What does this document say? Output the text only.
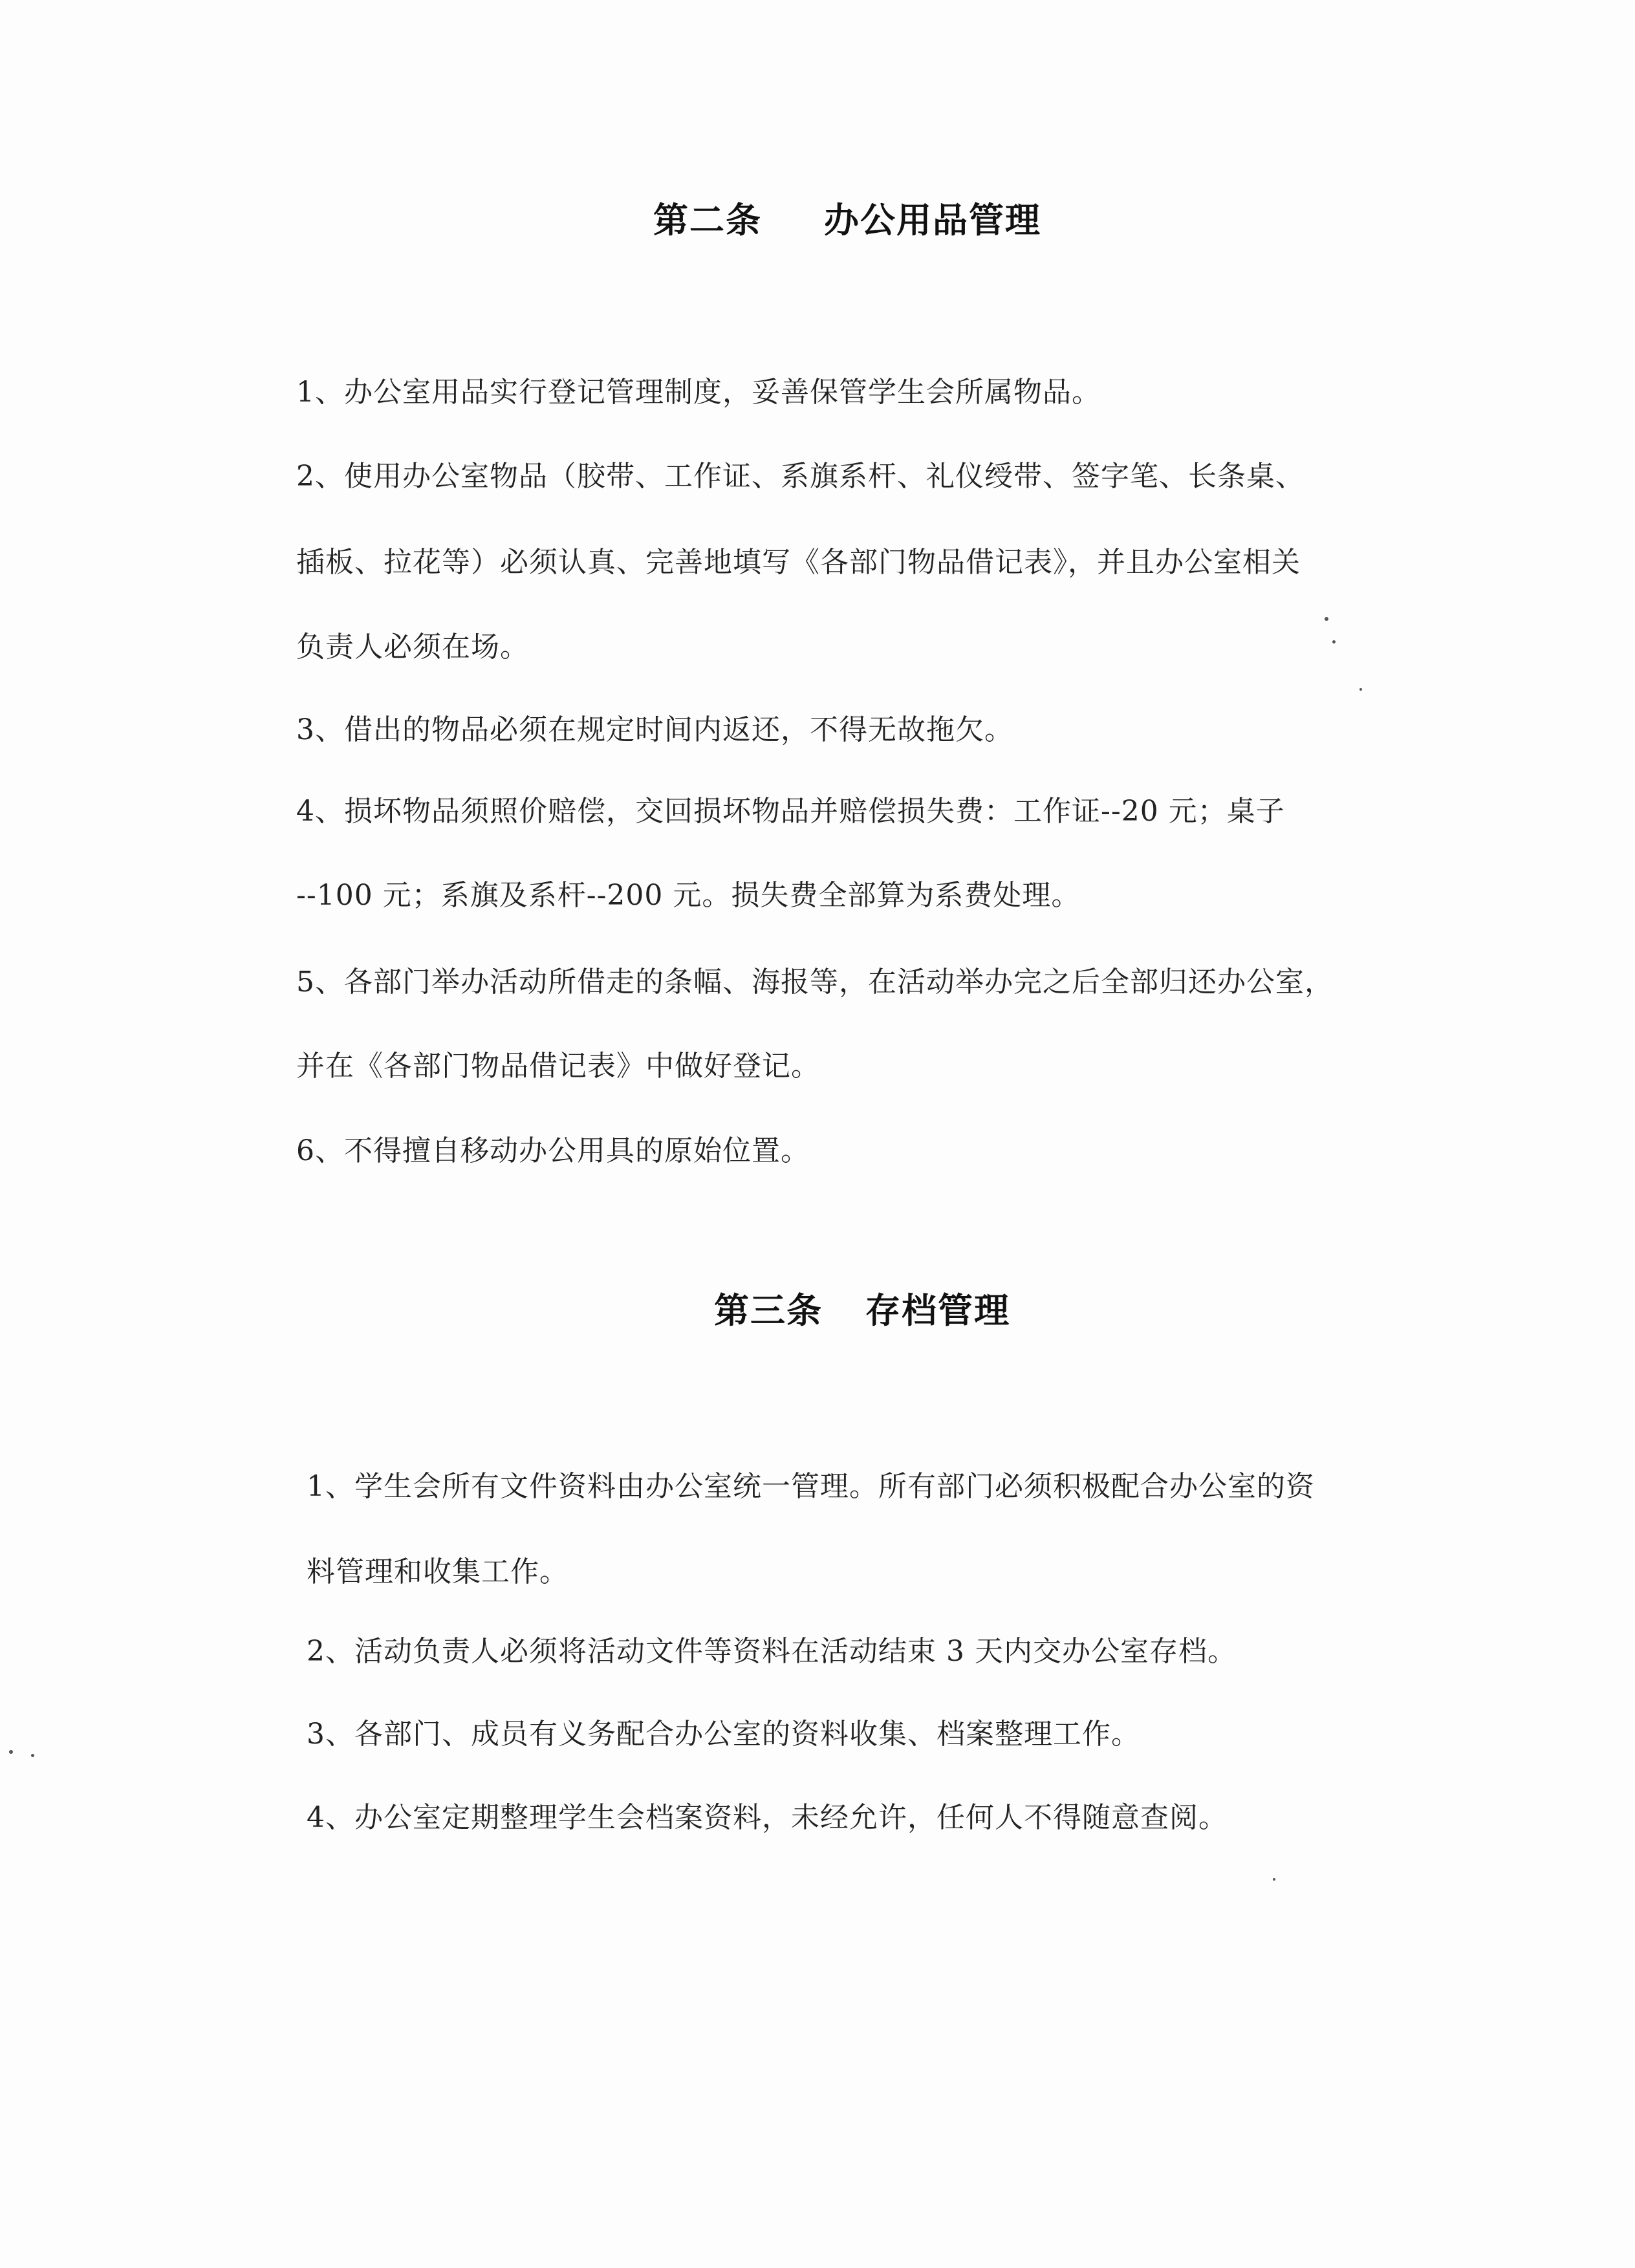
第二条 办公用品管理
1、办公室用品实行登记管理制度，妥善保管学生会所属物品。
2、使用办公室物品（胶带、工作证、系旗系杆、礼仪绶带、签字笔、长条桌、
插板、拉花等）必须认真、完善地填写《各部门物品借记表》，并且办公室相关
负责人必须在场。
3、借出的物品必须在规定时间内返还，不得无故拖欠。
4、损坏物品须照价赔偿，交回损坏物品并赔偿损失费：工作证--20 元；桌子
--100 元；系旗及系杆--200 元。损失费全部算为系费处理。
5、各部门举办活动所借走的条幅、海报等，在活动举办完之后全部归还办公室，
并在《各部门物品借记表》中做好登记。
6、不得擅自移动办公用具的原始位置。
第三条 存档管理
1、学生会所有文件资料由办公室统一管理。所有部门必须积极配合办公室的资
料管理和收集工作。
2、活动负责人必须将活动文件等资料在活动结束 3 天内交办公室存档。
3、各部门、成员有义务配合办公室的资料收集、档案整理工作。
4、办公室定期整理学生会档案资料，未经允许，任何人不得随意查阅。
